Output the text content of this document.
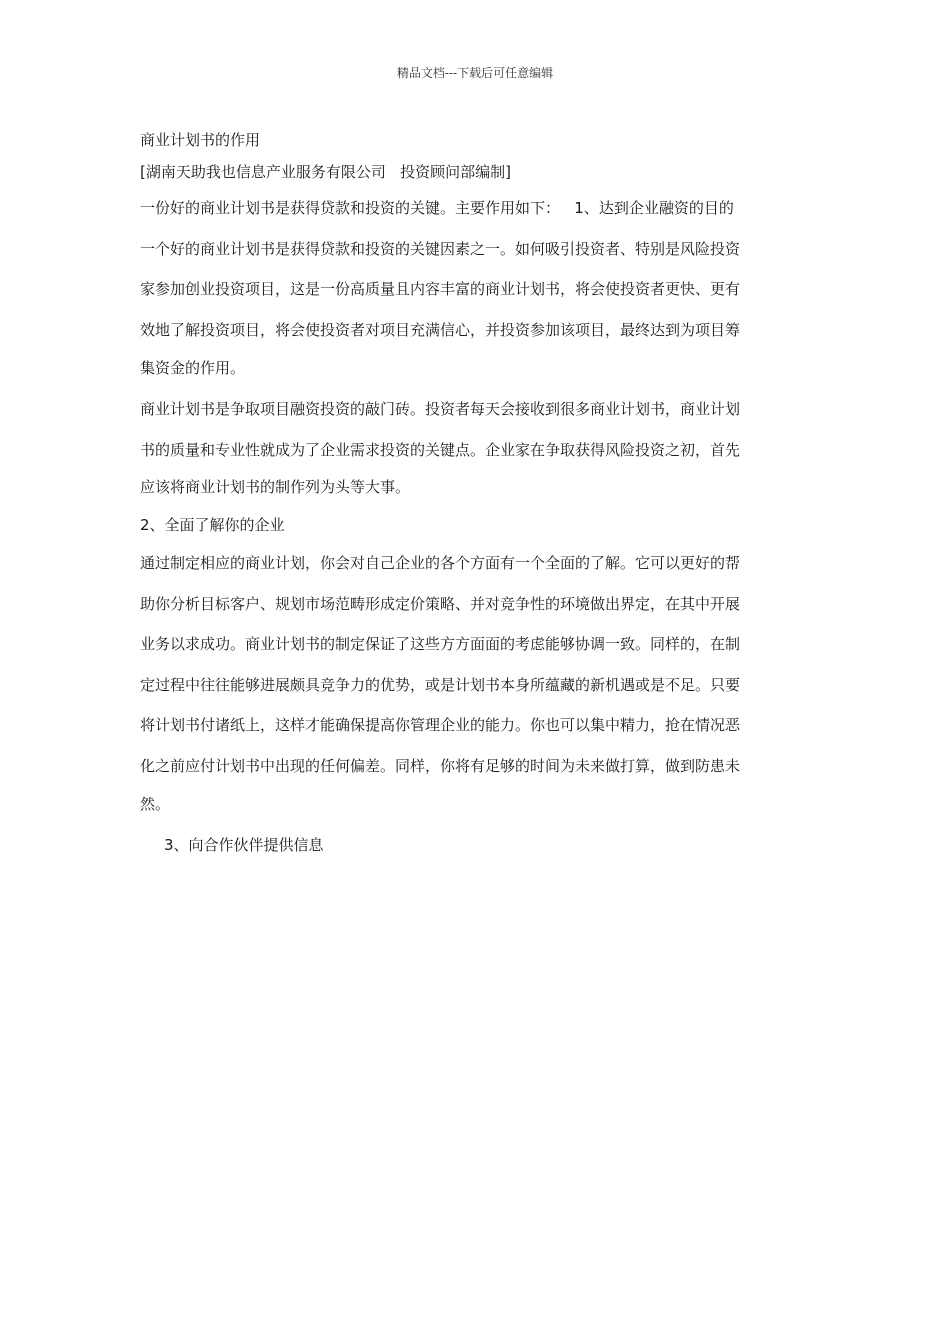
精品文档---下载后可任意编辑
商业计划书的作用
[湖南天助我也信息产业服务有限公司   投资顾问部编制]
一份好的商业计划书是获得贷款和投资的关键。主要作用如下：   1、达到企业融资的目的
一个好的商业计划书是获得贷款和投资的关键因素之一。如何吸引投资者、特别是风险投资
家参加创业投资项目，这是一份高质量且内容丰富的商业计划书，将会使投资者更快、更有
效地了解投资项目，将会使投资者对项目充满信心，并投资参加该项目，最终达到为项目筹
集资金的作用。
商业计划书是争取项目融资投资的敲门砖。投资者每天会接收到很多商业计划书，商业计划
书的质量和专业性就成为了企业需求投资的关键点。企业家在争取获得风险投资之初，首先
应该将商业计划书的制作列为头等大事。
2、全面了解你的企业
通过制定相应的商业计划，你会对自己企业的各个方面有一个全面的了解。它可以更好的帮
助你分析目标客户、规划市场范畴形成定价策略、并对竞争性的环境做出界定，在其中开展
业务以求成功。商业计划书的制定保证了这些方方面面的考虑能够协调一致。同样的，在制
定过程中往往能够进展颇具竞争力的优势，或是计划书本身所蕴藏的新机遇或是不足。只要
将计划书付诸纸上，这样才能确保提高你管理企业的能力。你也可以集中精力，抢在情况恶
化之前应付计划书中出现的任何偏差。同样，你将有足够的时间为未来做打算，做到防患未
然。
3、向合作伙伴提供信息
